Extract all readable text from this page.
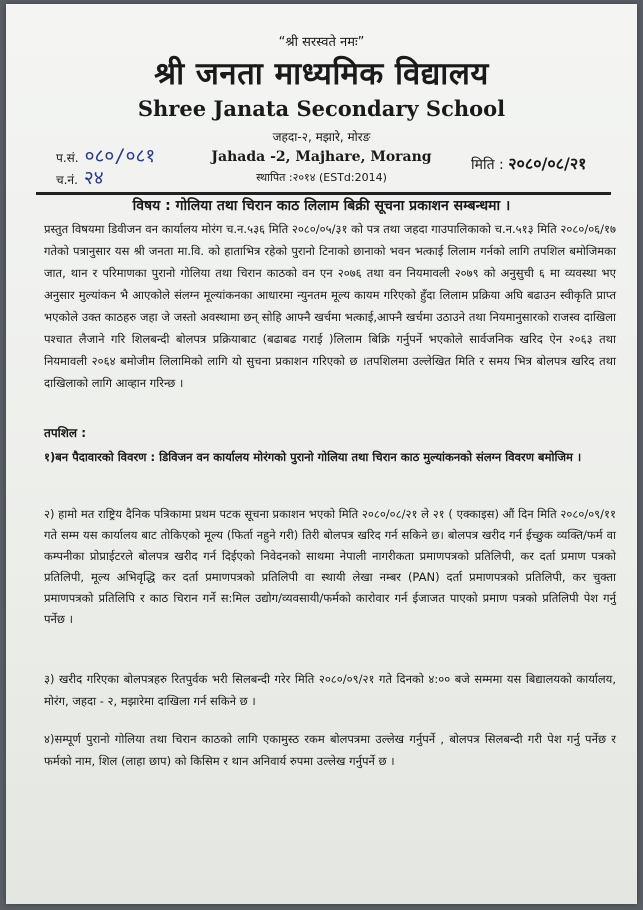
“श्री सरस्वते नमः”
श्री जनता माध्यमिक विद्यालय
Shree Janata Secondary School
जहदा-२, मझारे, मोरङ
Jahada -2, Majhare, Morang
स्थापित :२०१४ (ESTd:2014)
प.सं. ०८०/०८१
च.नं. २४
मिति : २०८०/०८/२१
विषय : गोलिया तथा चिरान काठ लिलाम बिक्री सूचना प्रकाशन सम्बन्धमा ।
प्रस्तुत विषयमा डिवीजन वन कार्यालय मोरंग च.न.५३६ मिति २०८०/०५/३१ को पत्र तथा जहदा गाउपालिकाको च.न.५१३ मिति २०८०/०६/१७ गतेको पत्रानुसार यस श्री जनता मा.वि. को हाताभित्र रहेको पुरानो टिनाको छानाको भवन भत्काई लिलाम गर्नको लागि तपशिल बमोजिमका जात, थान र परिमाणका पुरानो गोलिया तथा चिरान काठको वन एन २०७६ तथा वन नियमावली २०७९ को अनुसुची ६ मा व्यवस्था भए अनुसार मुल्यांकन भै आएकोले संलग्न मूल्यांकनका आधारमा न्युनतम मूल्य कायम गरिएको हुँदा लिलाम प्रक्रिया अघि बढाउन स्वीकृति प्राप्त भएकोले उक्त काठहरु जहा जे जस्तो अवस्थामा छन् सोहि आफ्नै खर्चमा भत्काई,आफ्नै खर्चमा उठाउने तथा नियमानुसारको राजस्व दाखिला पश्चात लैजाने गरि शिलबन्दी बोलपत्र प्रक्रियाबाट (बढाबढ गराई )लिलाम बिक्रि गर्नुपर्ने भएकोले सार्वजनिक खरिद ऐन २०६३ तथा नियमावली २०६४ बमोजीम लिलामिको लागि यो सुचना प्रकाशन गरिएको छ ।तपशिलमा उल्लेखित मिति र समय भित्र बोलपत्र खरिद तथा दाखिलाको लागि आव्हान गरिन्छ ।
तपशिल :
१)बन पैदावारको विवरण : डिविजन वन कार्यालय मोरंगको पुरानो गोलिया तथा चिरान काठ मुल्यांकनको संलग्न विवरण बमोजिम ।
२) हामो मत राष्ट्रिय दैनिक पत्रिकामा प्रथम पटक सूचना प्रकाशन भएको मिति २०८०/०८/२१ ले २१ ( एक्काइस) औं दिन मिति २०८०/०९/११ गते सम्म यस कार्यालय बाट तोकिएको मूल्य (फिर्ता नहुने गरी) तिरी बोलपत्र खरिद गर्न सकिने छ। बोलपत्र खरीद गर्न ईच्छुक व्यक्ति/फर्म वा कम्पनीका प्रोप्राईटरले बोलपत्र खरीद गर्न दिईएको निवेदनको साथमा नेपाली नागरीकता प्रमाणपत्रको प्रतिलिपी, कर दर्ता प्रमाण पत्रको प्रतिलिपी, मूल्य अभिवृद्धि कर दर्ता प्रमाणपत्रको प्रतिलिपी वा स्थायी लेखा नम्बर (PAN) दर्ता प्रमाणपत्रको प्रतिलिपी, कर चुक्ता प्रमाणपत्रको प्रतिलिपि र काठ चिरान गर्ने स:मिल उद्योग/व्यवसायी/फर्मको कारोवार गर्न ईजाजत पाएको प्रमाण पत्रको प्रतिलिपी पेश गर्नु पर्नेछ ।
३) खरीद गरिएका बोलपत्रहरु रितपुर्वक भरी सिलबन्दी गरेर मिति २०८०/०९/२१ गते दिनको ४:०० बजे सम्ममा यस बिद्यालयको कार्यालय, मोरंग, जहदा - २, मझारेमा दाखिला गर्न सकिने छ ।
४)सम्पूर्ण पुरानो गोलिया तथा चिरान काठको लागि एकामुस्ठ रकम बोलपत्रमा उल्लेख गर्नुपर्ने , बोलपत्र सिलबन्दी गरी पेश गर्नु पर्नेछ र फर्मको नाम, शिल (लाहा छाप) को किसिम र थान अनिवार्य रुपमा उल्लेख गर्नुपर्ने छ ।
